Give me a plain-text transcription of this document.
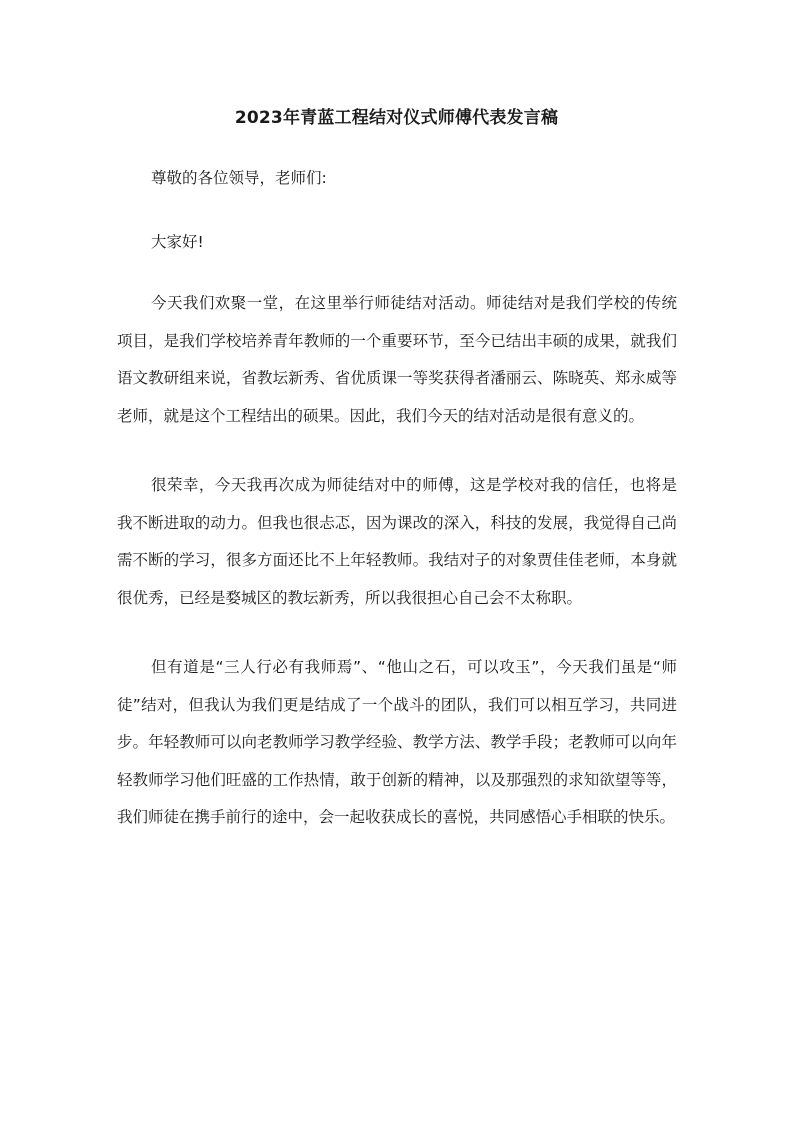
2023年青蓝工程结对仪式师傅代表发言稿

尊敬的各位领导，老师们:

大家好!

今天我们欢聚一堂，在这里举行师徒结对活动。师徒结对是我们学校的传统项目，是我们学校培养青年教师的一个重要环节，至今已结出丰硕的成果，就我们语文教研组来说，省教坛新秀、省优质课一等奖获得者潘丽云、陈晓英、郑永威等老师，就是这个工程结出的硕果。因此，我们今天的结对活动是很有意义的。

很荣幸，今天我再次成为师徒结对中的师傅，这是学校对我的信任，也将是我不断进取的动力。但我也很忐忑，因为课改的深入，科技的发展，我觉得自己尚需不断的学习，很多方面还比不上年轻教师。我结对子的对象贾佳佳老师，本身就很优秀，已经是婺城区的教坛新秀，所以我很担心自己会不太称职。

但有道是“三人行必有我师焉”、“他山之石，可以攻玉”，今天我们虽是“师徒”结对，但我认为我们更是结成了一个战斗的团队，我们可以相互学习，共同进步。年轻教师可以向老教师学习教学经验、教学方法、教学手段；老教师可以向年轻教师学习他们旺盛的工作热情，敢于创新的精神，以及那强烈的求知欲望等等，我们师徒在携手前行的途中，会一起收获成长的喜悦，共同感悟心手相联的快乐。
